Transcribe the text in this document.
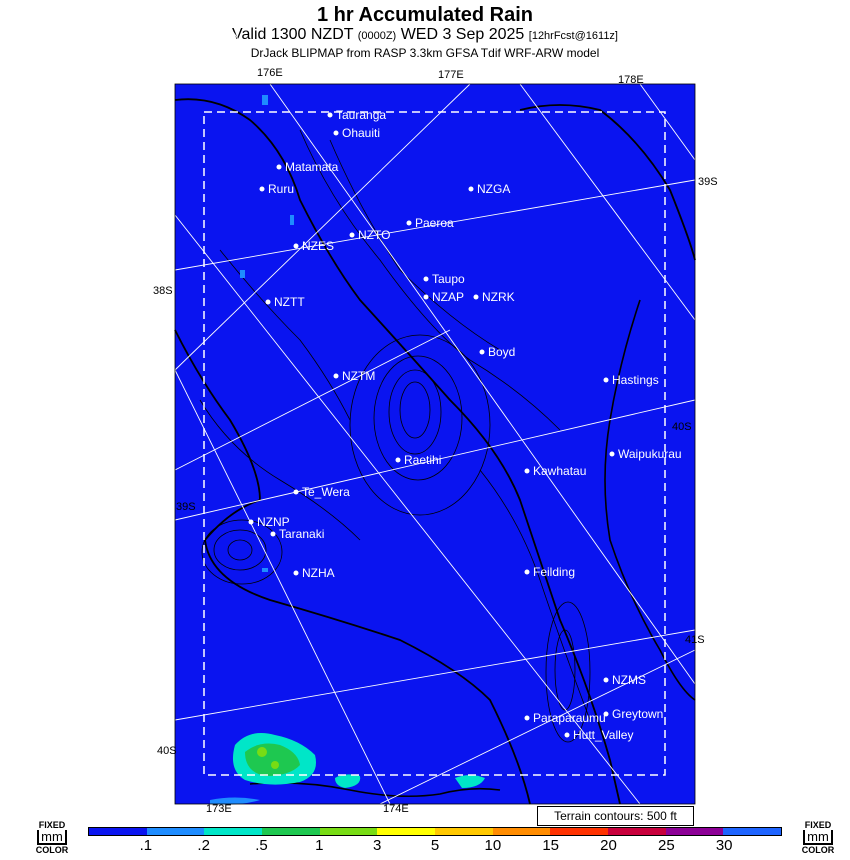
1 hr Accumulated Rain
Valid 1300 NZDT (0000Z) WED 3 Sep 2025 [12hrFcst@1611z]
DrJack BLIPMAP from RASP 3.3km GFSA Tdif WRF-ARW model
176E	177E	178E
173E	174E
39S
38S
40S
39S
40S
41S
Tauranga
Ohauiti
Matamata
Ruru	NZGA
Paeroa
NZTO
NZES
Taupo
NZAP NZRK
NZTT
Boyd
NZTM	Hastings
Raetihi	Waipukurau
Kawhatau
Te_Wera
NZNP
Taranaki
NZHA	Feilding
NZMS
Greytown
Paraparaumu
Hutt_Valley
Terrain contours: 500 ft
FIXED
mm
COLOR
FIXED
mm
COLOR
.1	.2	.5	1	3	5	10	15	20	25	30
